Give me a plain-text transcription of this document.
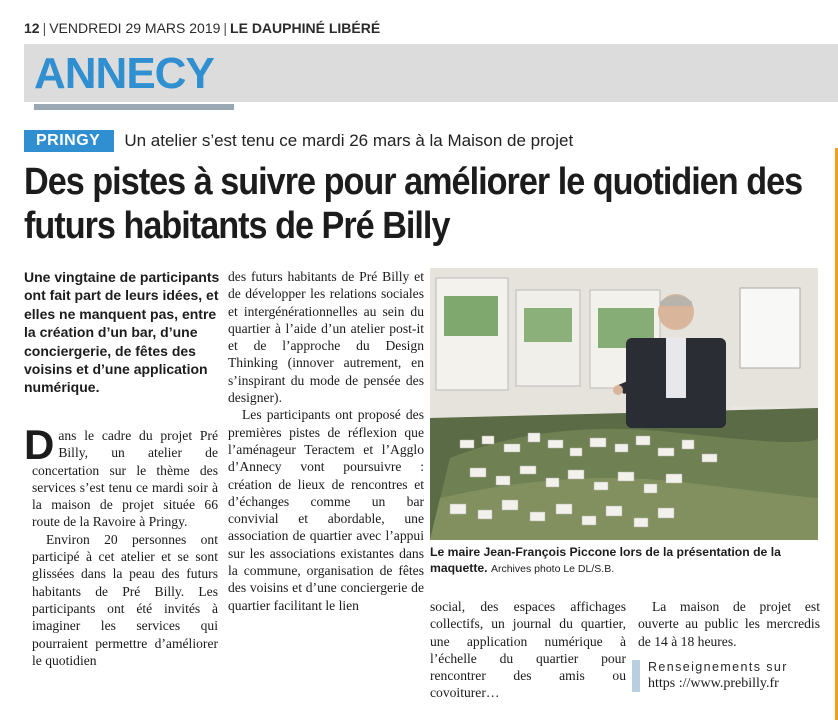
12 | VENDREDI 29 MARS 2019 | LE DAUPHINÉ LIBÉRÉ
ANNECY
PRINGY	Un atelier s’est tenu ce mardi 26 mars à la Maison de projet
Des pistes à suivre pour améliorer le quotidien des futurs habitants de Pré Billy
Une vingtaine de participants ont fait part de leurs idées, et elles ne manquent pas, entre la création d’un bar, d’une conciergerie, de fêtes des voisins et d’une application numérique.

Dans le cadre du projet Pré Billy, un atelier de concertation sur le thème des services s’est tenu ce mardi soir à la maison de projet située 66 route de la Ravoire à Pringy.

Environ 20 personnes ont participé à cet atelier et se sont glissées dans la peau des futurs habitants de Pré Billy. Les participants ont été invités à imaginer les services qui pourraient permettre d’améliorer le quotidien

des futurs habitants de Pré Billy et de développer les relations sociales et intergénérationnelles au sein du quartier à l’aide d’un atelier post-it et de l’approche du Design Thinking (innover autrement, en s’inspirant du mode de pensée des designer).

Les participants ont proposé des premières pistes de réflexion que l’aménageur Teractem et l’Agglo d’Annecy vont poursuivre : création de lieux de rencontres et d’échanges comme un bar convivial et abordable, une association de quartier avec l’appui sur les associations existantes dans la commune, organisation de fêtes des voisins et d’une conciergerie de quartier facilitant le lien

Le maire Jean-François Piccone lors de la présentation de la maquette. Archives photo Le DL/S.B.

social, des espaces affichages collectifs, un journal du quartier, une application numérique à l’échelle du quartier pour rencontrer des amis ou covoiturer…

La maison de projet est ouverte au public les mercredis de 14 à 18 heures.

Renseignements sur
https ://www.prebilly.fr
